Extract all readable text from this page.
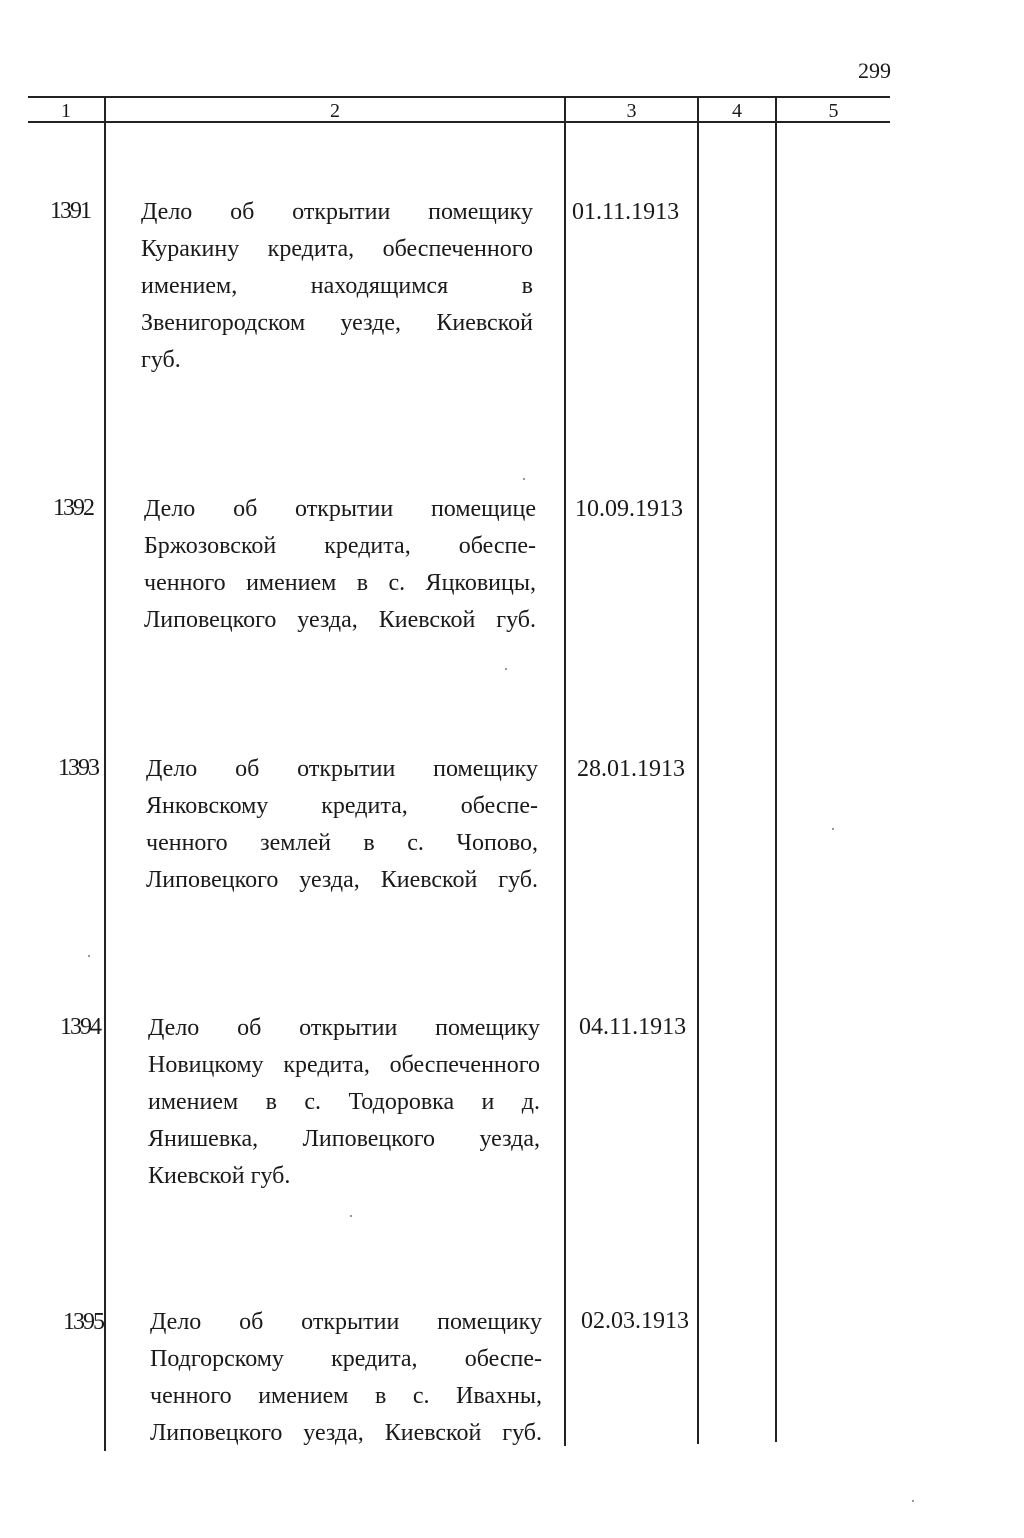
299
1	2	3	4	5
1391 Дело об открытии помещику
Куракину кредита, обеспеченного
имением, находящимся в
Звенигородском уезде, Киевской
губ.
01.11.1913
1392 Дело об открытии помещице
Бржозовской кредита, обеспе-
ченного имением в с. Яцковицы,
Липовецкого уезда, Киевской губ.
10.09.1913
1393 Дело об открытии помещику
Янковскому кредита, обеспе-
ченного землей в с. Чопово,
Липовецкого уезда, Киевской губ.
28.01.1913
1394 Дело об открытии помещику
Новицкому кредита, обеспеченного
имением в с. Тодоровка и д.
Янишевка, Липовецкого уезда,
Киевской губ.
04.11.1913
1395 Дело об открытии помещику
Подгорскому кредита, обеспе-
ченного имением в с. Ивахны,
Липовецкого уезда, Киевской губ.
02.03.1913
